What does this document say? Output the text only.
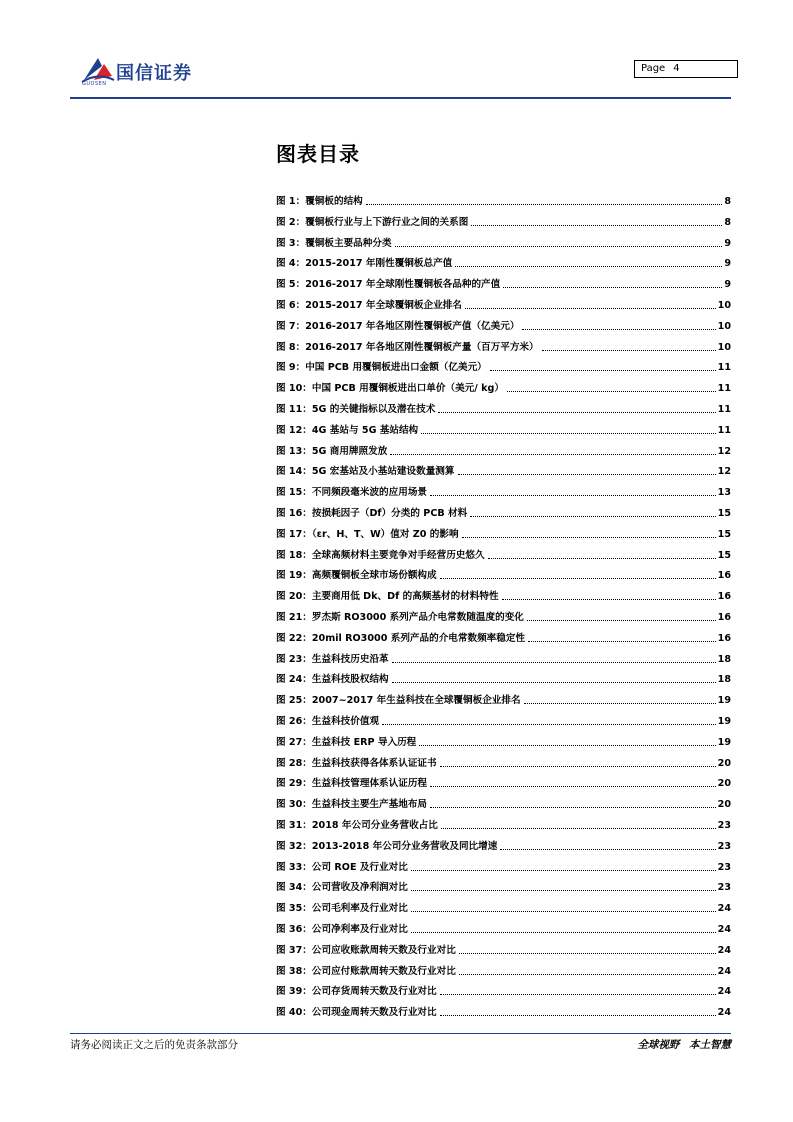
国信证券
GUOSEN
Page 4
图表目录
图 1：覆铜板的结构	8
图 2：覆铜板行业与上下游行业之间的关系图	8
图 3：覆铜板主要品种分类	9
图 4：2015-2017 年刚性覆铜板总产值	9
图 5：2016-2017 年全球刚性覆铜板各品种的产值	9
图 6：2015-2017 年全球覆铜板企业排名	10
图 7：2016-2017 年各地区刚性覆铜板产值（亿美元）	10
图 8：2016-2017 年各地区刚性覆铜板产量（百万平方米）	10
图 9：中国 PCB 用覆铜板进出口金额（亿美元）	11
图 10：中国 PCB 用覆铜板进出口单价（美元/ kg）	11
图 11：5G 的关键指标以及潜在技术	11
图 12：4G 基站与 5G 基站结构	11
图 13：5G 商用牌照发放	12
图 14：5G 宏基站及小基站建设数量测算	12
图 15：不同频段毫米波的应用场景	13
图 16：按损耗因子（Df）分类的 PCB 材料	15
图 17：（εr、H、T、W）值对 Z0 的影响	15
图 18：全球高频材料主要竞争对手经营历史悠久	15
图 19：高频覆铜板全球市场份额构成	16
图 20：主要商用低 Dk、Df 的高频基材的材料特性	16
图 21：罗杰斯 RO3000 系列产品介电常数随温度的变化	16
图 22：20mil RO3000 系列产品的介电常数频率稳定性	16
图 23：生益科技历史沿革	18
图 24：生益科技股权结构	18
图 25：2007~2017 年生益科技在全球覆铜板企业排名	19
图 26：生益科技价值观	19
图 27：生益科技 ERP 导入历程	19
图 28：生益科技获得各体系认证证书	20
图 29：生益科技管理体系认证历程	20
图 30：生益科技主要生产基地布局	20
图 31：2018 年公司分业务营收占比	23
图 32：2013-2018 年公司分业务营收及同比增速	23
图 33：公司 ROE 及行业对比	23
图 34：公司营收及净利润对比	23
图 35：公司毛利率及行业对比	24
图 36：公司净利率及行业对比	24
图 37：公司应收账款周转天数及行业对比	24
图 38：公司应付账款周转天数及行业对比	24
图 39：公司存货周转天数及行业对比	24
图 40：公司现金周转天数及行业对比	24
请务必阅读正文之后的免责条款部分	全球视野 本土智慧
